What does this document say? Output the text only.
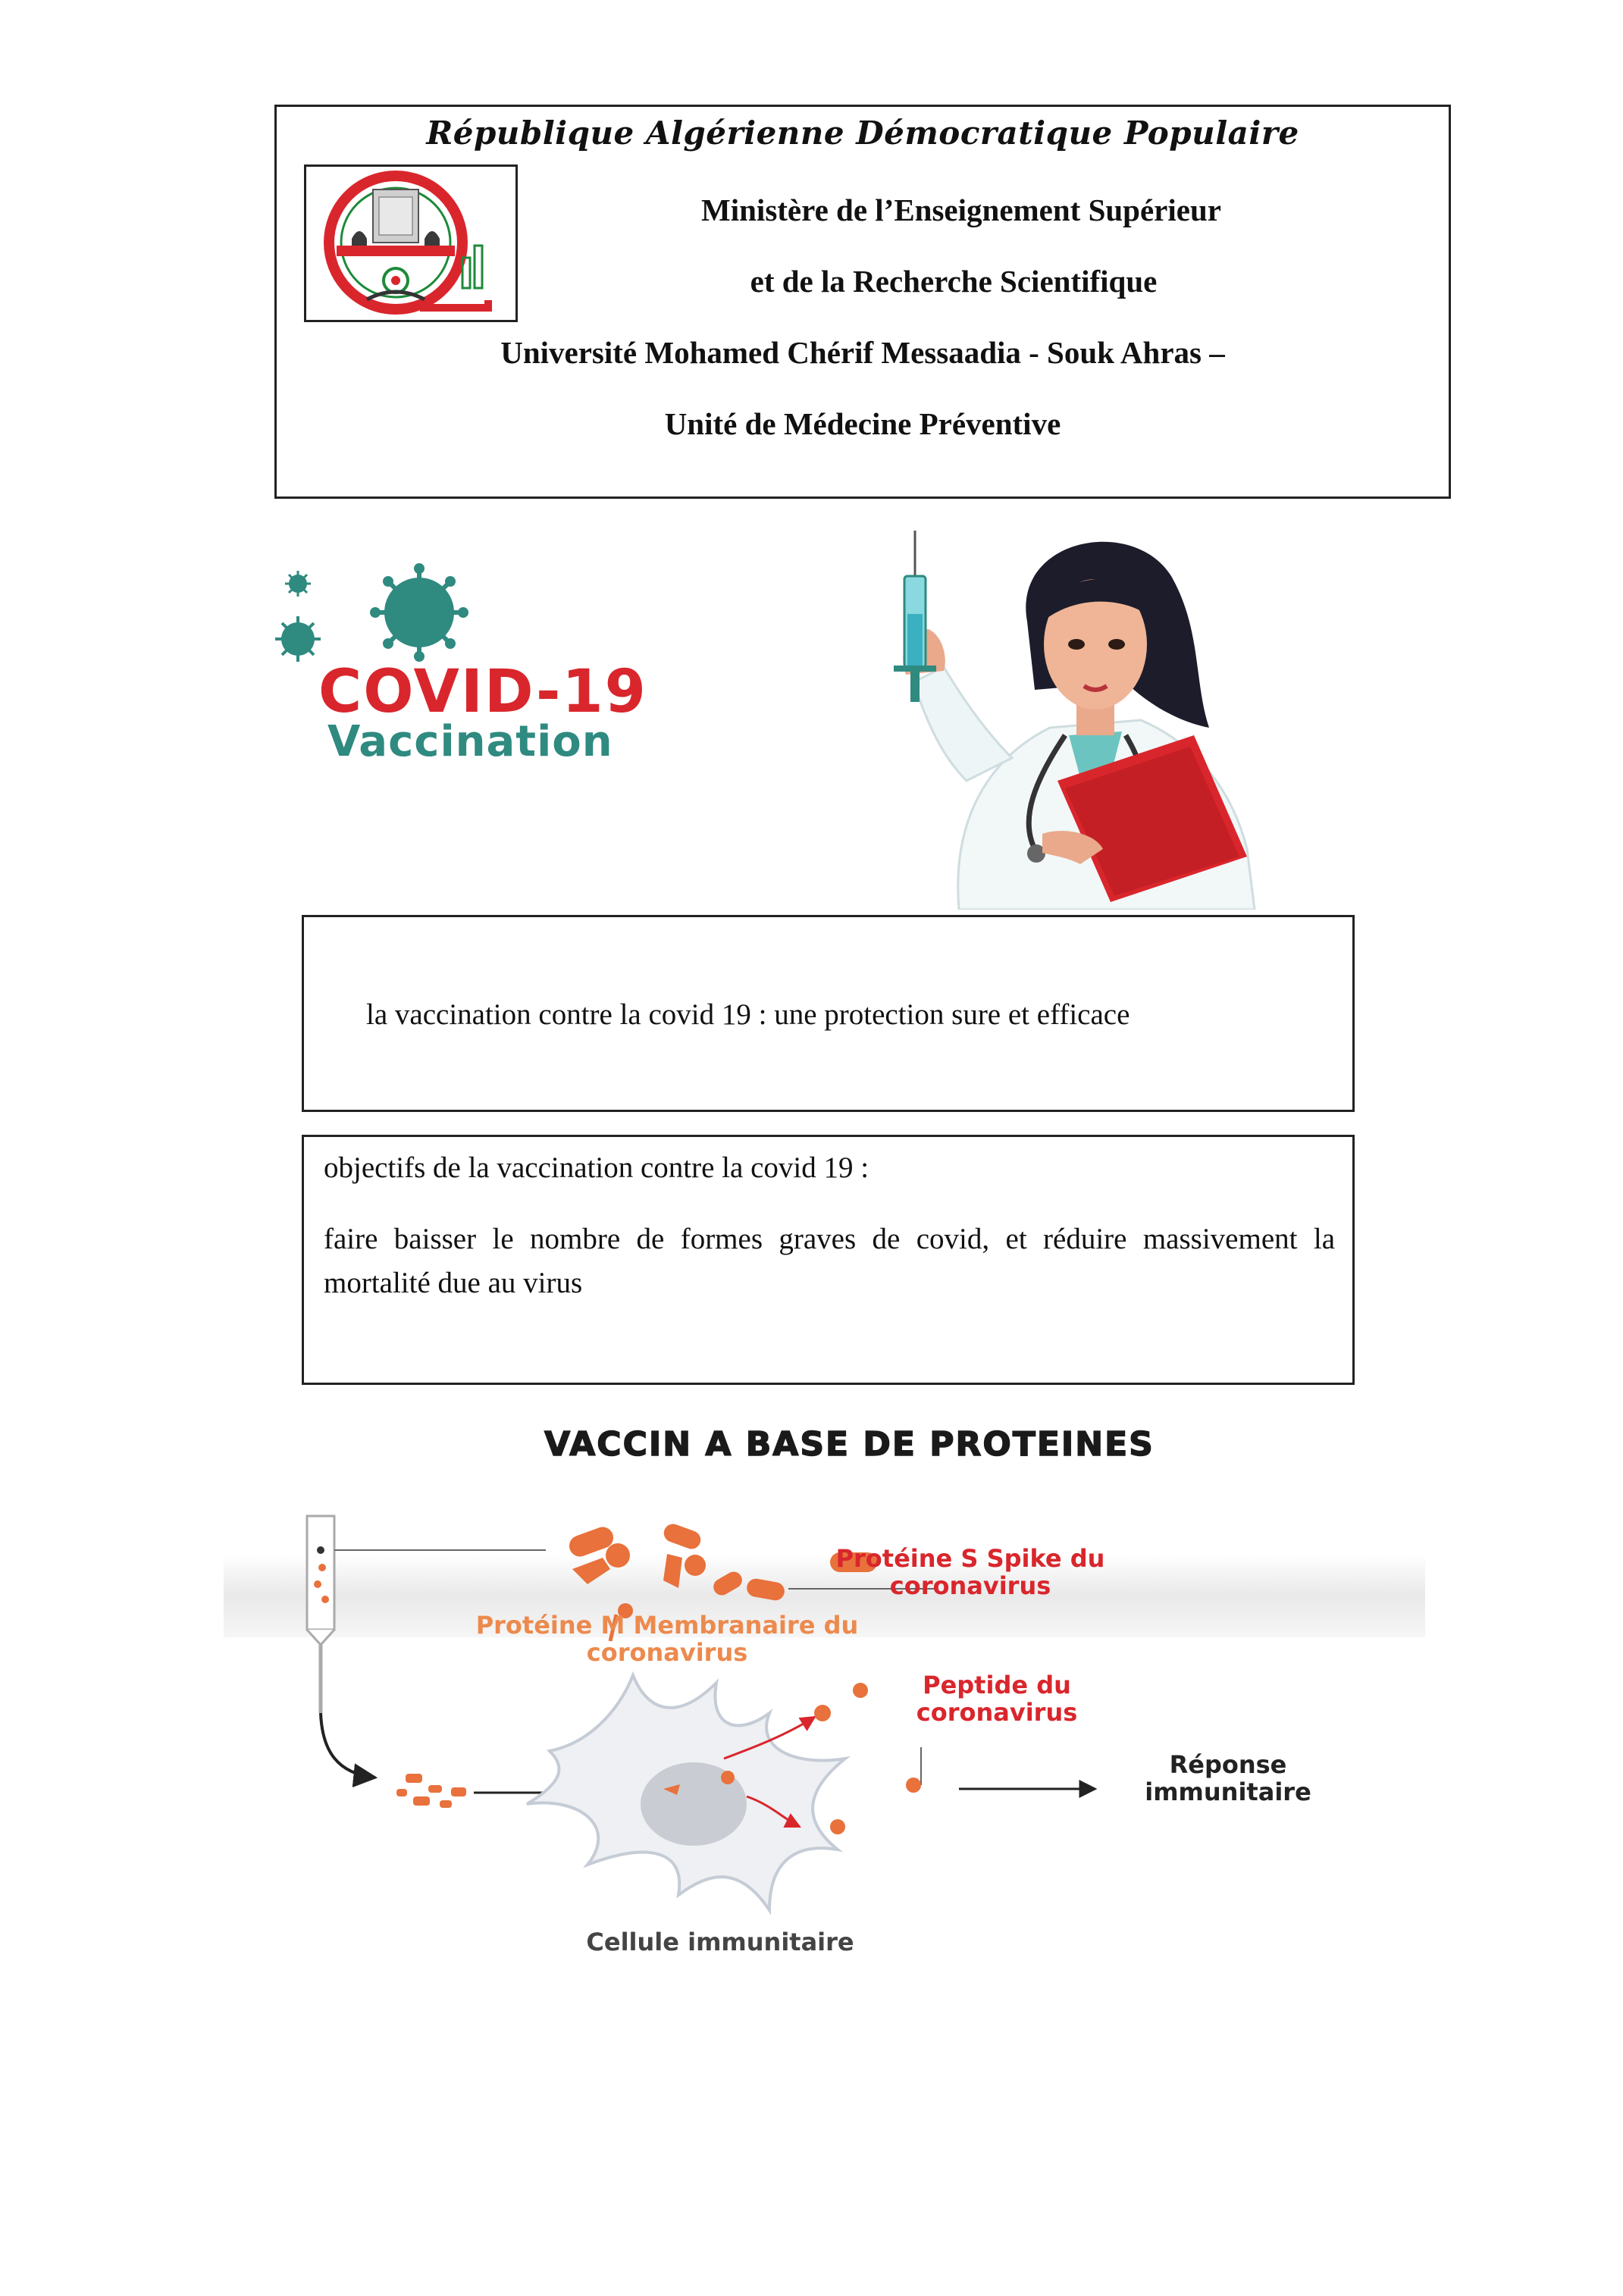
République Algérienne Démocratique Populaire
Ministère de l’Enseignement Supérieur
et de la Recherche Scientifique
Université Mohamed Chérif Messaadia - Souk Ahras –
Unité de Médecine Préventive
COVID-19
Vaccination
la vaccination contre la covid 19 : une protection sure et efficace
objectifs de la vaccination contre la covid 19 :
faire baisser le nombre de formes graves de covid, et réduire massivement la mortalité due au virus
VACCIN A BASE DE PROTEINES
Protéine S Spike du coronavirus
Protéine M Membranaire du coronavirus
Peptide du coronavirus
Réponse immunitaire
Cellule immunitaire
